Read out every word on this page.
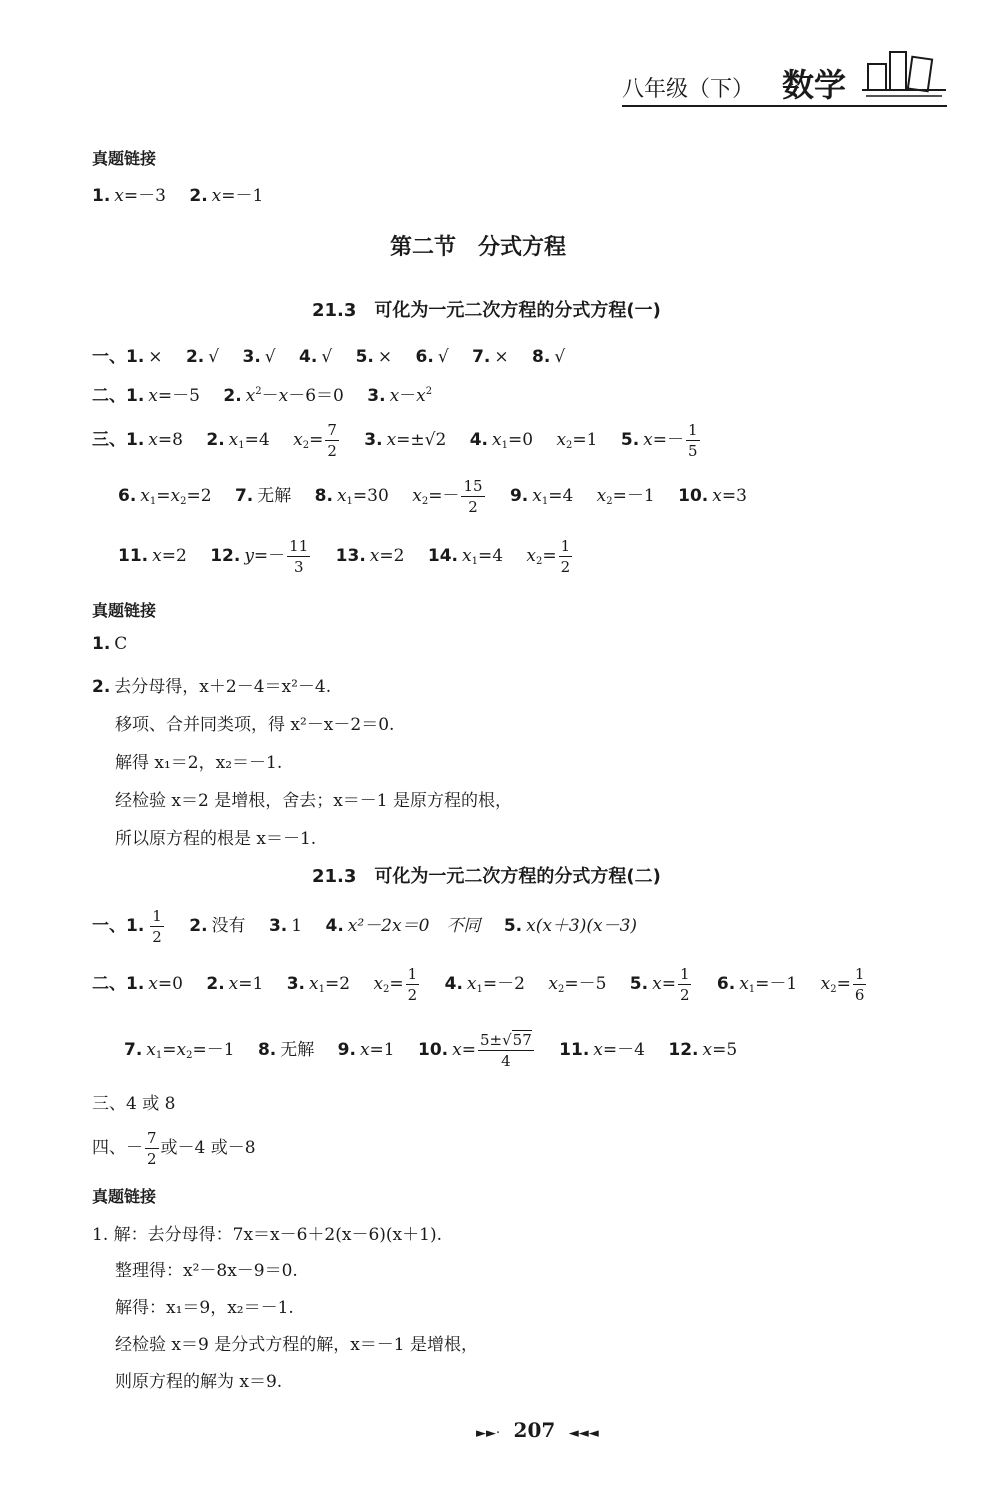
八年级（下） 数学
真题链接
1. x=－3 2. x=－1
第二节　分式方程
21.3　可化为一元二次方程的分式方程(一)
一、1. × 2. √ 3. √ 4. √ 5. × 6. √ 7. × 8. √
二、1. x=－5 2. $x^2-x-6=0$ 3. $x-x^2$
三、1. x=8 2. $x_1=4$ $x_2= \frac{7}{2} 3$. x=±√2 4. $x_1=0$ $x_2=1$ 5. $x=- \frac{1}{5}$
6. $x_1=x_2=2$ 7. 无解 8. $x_1=30$ $x_2=- \frac{15}{2} 9$. $x_1=4$ $x_2=-1$ 10. x=3
11. x=2 12. $y=- \frac{11}{3} 13$. x=2 14. $x_1=4$ $x_2= \frac{1}{2}$
真题链接
1. C
2. 去分母得，x＋2－4＝x²－4.
移项、合并同类项，得 x²－x－2＝0.
解得 x₁＝2，x₂＝－1.
经检验 x＝2 是增根，舍去；x＝－1 是原方程的根，
所以原方程的根是 x＝－1.
21.3　可化为一元二次方程的分式方程(二)
一、1. $\frac{1}{2} 2$. 没有 3. 1 4. x²－2x＝0　不同 5. x(x＋3)(x－3)
二、1. x=0 2. x=1 3. $x_1=2$ $x_2= \frac{1}{2} 4$. $x_1=-2$ $x_2=-5$ 5. $x= \frac{1}{2} 6$. $x_1=-1$ $x_2= \frac{1}{6}$
7. $x_1=x_2=-1$ 8. 无解 9. x=1 10. $x= \frac{5\pm√57}{4} 11$. x=－4 12. x=5
三、4 或 8
四、－ $\frac{7}{2}$ 或－4 或－8
真题链接
1. 解：去分母得：7x＝x－6＋2(x－6)(x＋1).
整理得：x²－8x－9＝0.
解得：x₁＝9，x₂＝－1.
经检验 x＝9 是分式方程的解，x＝－1 是增根，
则原方程的解为 x＝9.
►►· 207 ◄◄◄
